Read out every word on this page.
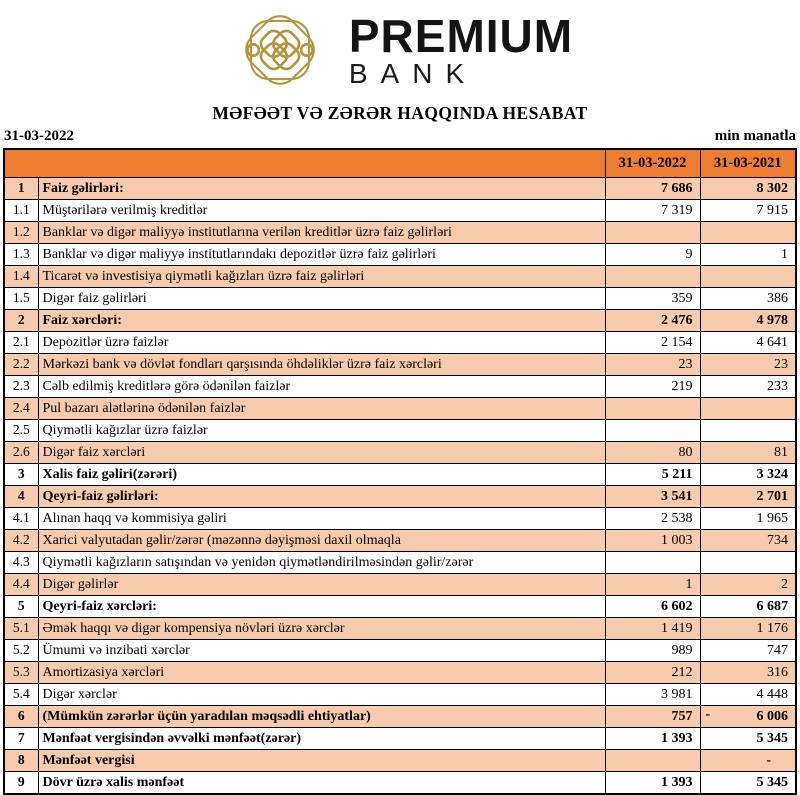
PREMIUM
BANK
MƏFƏƏT VƏ ZƏRƏR HAQQINDA HESABAT
31-03-2022	min manatla
		31-03-2022	31-03-2021
1	Faiz gəlirləri:	7 686	8 302
1.1	Müştərilərə verilmiş kreditlər	7 319	7 915
1.2	Banklar və digər maliyyə institutlarına verilən kreditlər üzrə faiz gəlirləri		
1.3	Banklar və digər maliyyə institutlarındakı depozitlər üzrə faiz gəlirləri	9	1
1.4	Ticarət və investisiya qiymətli kağızları üzrə faiz gəlirləri		
1.5	Digər faiz gəlirləri	359	386
2	Faiz xərcləri:	2 476	4 978
2.1	Depozitlər üzrə faizlər	2 154	4 641
2.2	Mərkəzi bank və dövlət fondları qarşısında öhdəliklər üzrə faiz xərcləri	23	23
2.3	Cəlb edilmiş kreditlərə görə ödənilən faizlər	219	233
2.4	Pul bazarı alətlərinə ödənilən faizlər		
2.5	Qiymətli kağızlar üzrə faizlər		
2.6	Digər faiz xərcləri	80	81
3	Xalis faiz gəliri(zərəri)	5 211	3 324
4	Qeyri-faiz gəlirləri:	3 541	2 701
4.1	Alınan haqq və kommisiya gəliri	2 538	1 965
4.2	Xarici valyutadan gəlir/zərər (məzənnə dəyişməsi daxil olmaqla	1 003	734
4.3	Qiymətli kağızların satışından və yenidən qiymətləndirilməsindən gəlir/zərər		
4.4	Digər gəlirlər	1	2
5	Qeyri-faiz xərcləri:	6 602	6 687
5.1	Əmək haqqı və digər kompensiya növləri üzrə xərclər	1 419	1 176
5.2	Ümumi və inzibati xərclər	989	747
5.3	Amortizasiya xərcləri	212	316
5.4	Digər xərclər	3 981	4 448
6	(Mümkün zərərlər üçün yaradılan məqsədli ehtiyatlar)	757	- 6 006
7	Mənfəət vergisindən əvvəlki mənfəət(zərər)	1 393	5 345
8	Mənfəət vergisi		-
9	Dövr üzrə xalis mənfəət	1 393	5 345
